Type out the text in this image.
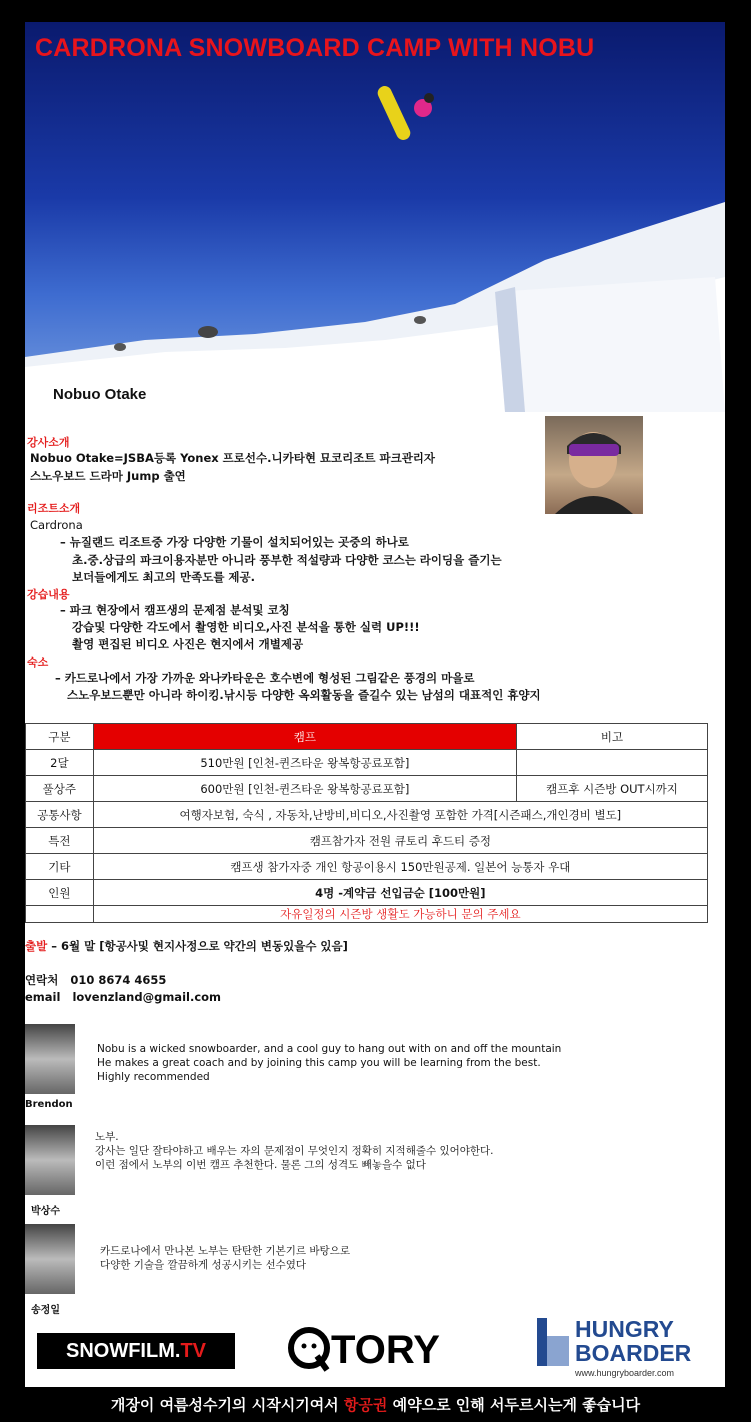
CARDRONA SNOWBOARD CAMP WITH NOBU
Nobuo Otake
강사소개
Nobuo Otake=JSBA등록 Yonex 프로선수.니카타현 묘코리조트 파크관리자
스노우보드 드라마 Jump 출연
리조트소개
Cardrona
– 뉴질랜드 리조트중 가장 다양한 기물이 설치되어있는 곳중의 하나로
초.중.상급의 파크이용자분만 아니라 풍부한 적설량과 다양한 코스는 라이딩을 즐기는
보더들에게도 최고의 만족도를 제공.
강습내용
– 파크 현장에서 캠프생의 문제점 분석및 코칭
강습및 다양한 각도에서 촬영한 비디오,사진 분석을 통한 실력 UP!!!
촬영 편집된 비디오 사진은 현지에서 개별제공
숙소
– 카드로나에서 가장 가까운 와나카타운은 호수변에 형성된 그림같은 풍경의 마을로
스노우보드뿐만 아니라 하이킹.낚시등 다양한 옥외활동을 즐길수 있는 남섬의 대표적인 휴양지
구분	캠프	비고
2달	510만원 [인천-퀸즈타운 왕복항공료포함]	
풀상주	600만원 [인천-퀸즈타운 왕복항공료포함]	캠프후 시즌방 OUT시까지
공통사항	여행자보험, 숙식 , 자동차,난방비,비디오,사진촬영 포함한 가격[시즌패스,개인경비 별도]	
특전	캠프참가자 전원 큐토리 후드티 증정	
기타	캠프생 참가자중 개인 항공이용시 150만원공제. 일본어 능통자 우대	
인원	4명 -계약금 선입금순 [100만원]	
	자유일정의 시즌방 생활도 가능하니 문의 주세요	
출발 – 6월 말 [항공사및 현지사정으로 약간의 변동있을수 있음]
연락처 010 8674 4655
email lovenzland@gmail.com
Brendon
Nobu is a wicked snowboarder, and a cool guy to hang out with on and off the mountain
He makes a great coach and by joining this camp you will be learning from the best.
Highly recommended
박상수
노부.
강사는 일단 잘타야하고 배우는 자의 문제점이 무엇인지 정확히 지적해줄수 있어야한다.
이런 점에서 노부의 이번 캠프 추천한다. 물론 그의 성격도 빼놓을수 없다
송정일
카드로나에서 만나본 노부는 탄탄한 기본기르 바탕으로
다양한 기술을 깔끔하게 성공시키는 선수였다
SNOWFILM. TV	TORY	HUNGRY
BOARDER
www.hungryboarder.com
개장이 여름성수기의 시작시기여서 항공권 예약으로 인해 서두르시는게 좋습니다
